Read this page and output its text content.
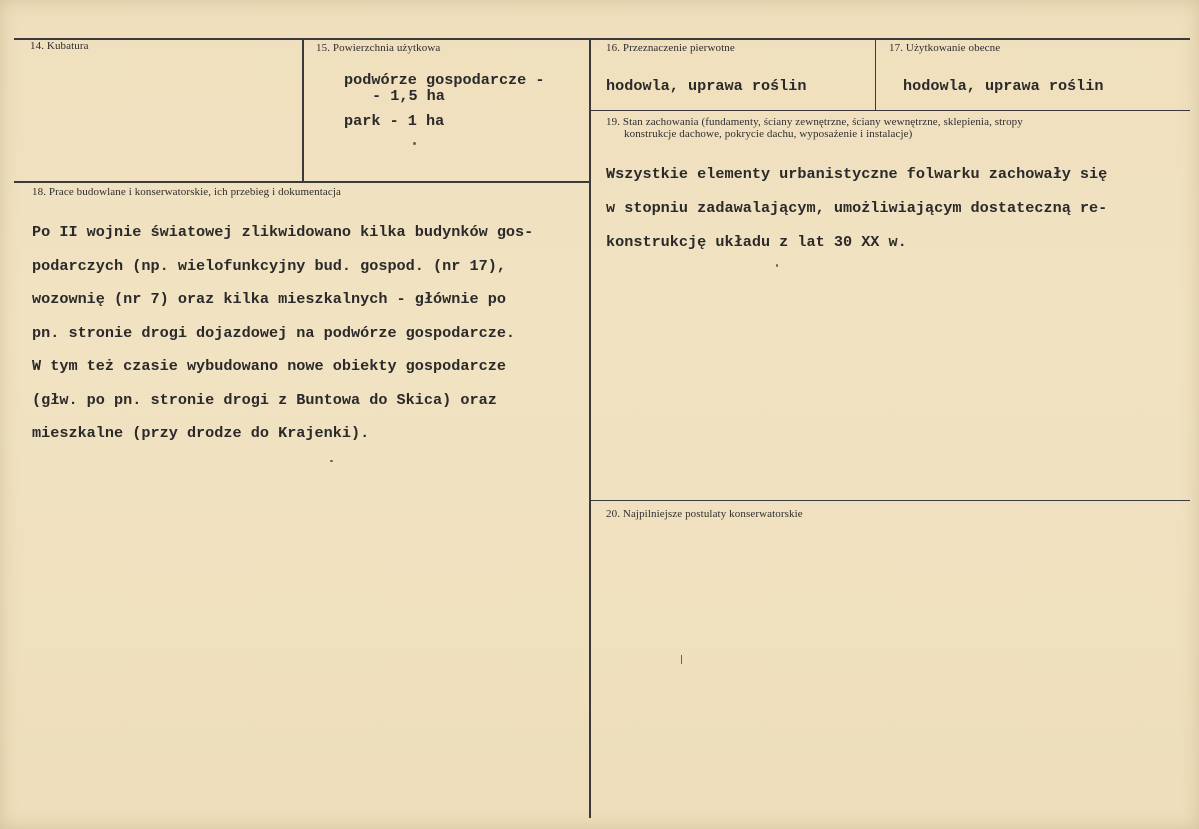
14. Kubatura	15. Powierzchnia użytkowa
podwórze gospodarcze -
- 1,5 ha
park - 1 ha
16. Przeznaczenie pierwotne
hodowla, uprawa roślin
17. Użytkowanie obecne
hodowla, uprawa roślin
18. Prace budowlane i konserwatorskie, ich przebieg i dokumentacja
Po II wojnie światowej zlikwidowano kilka budynków gos-
podarczych (np. wielofunkcyjny bud. gospod. (nr 17),
wozownię (nr 7) oraz kilka mieszkalnych - głównie po
pn. stronie drogi dojazdowej na podwórze gospodarcze.
W tym też czasie wybudowano nowe obiekty gospodarcze
(głw. po pn. stronie drogi z Buntowa do Skica) oraz
mieszkalne (przy drodze do Krajenki).
19. Stan zachowania (fundamenty, ściany zewnętrzne, ściany wewnętrzne, sklepienia, stropy
konstrukcje dachowe, pokrycie dachu, wyposażenie i instalacje)
Wszystkie elementy urbanistyczne folwarku zachowały się
w stopniu zadawalającym, umożliwiającym dostateczną re-
konstrukcję układu z lat 30 XX w.
20. Najpilniejsze postulaty konserwatorskie
